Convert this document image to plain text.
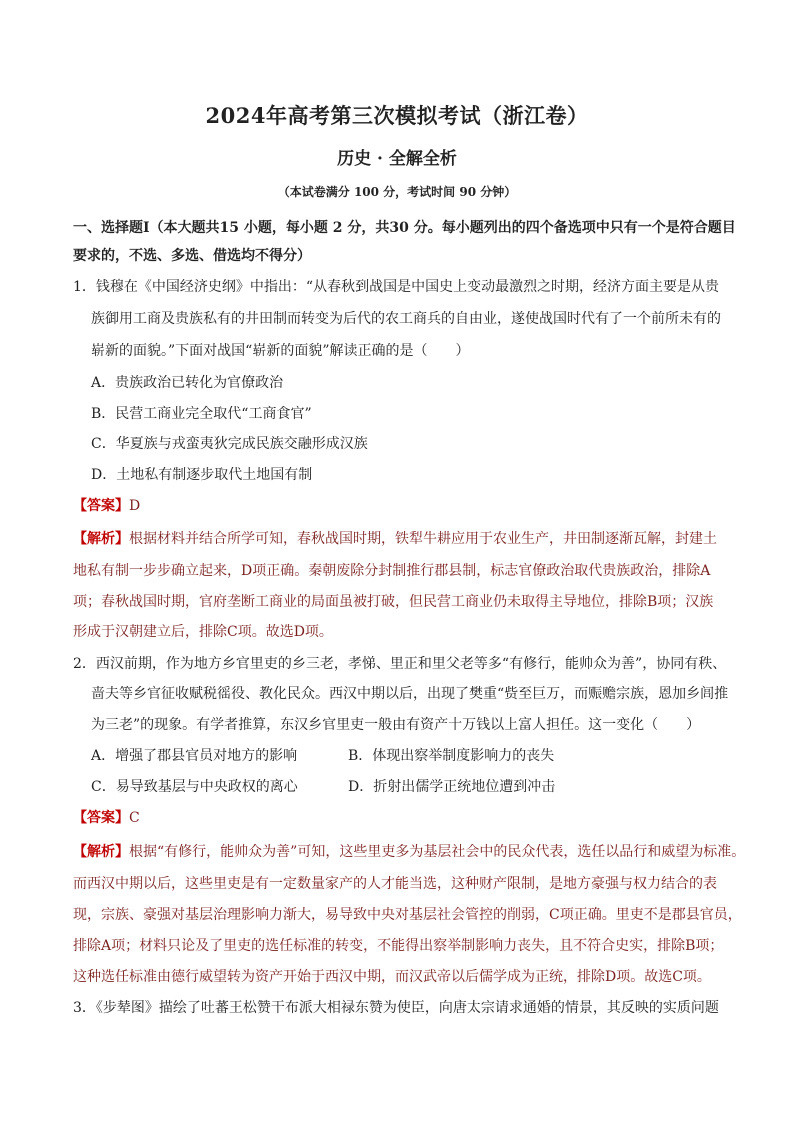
2024年高考第三次模拟考试（浙江卷）
历史 · 全解全析
（本试卷满分 100 分，考试时间 90 分钟）
一、选择题Ⅰ（本大题共15 小题，每小题 2 分，共30 分。每小题列出的四个备选项中只有一个是符合题目
要求的，不选、多选、借选均不得分）
1．钱穆在《中国经济史纲》中指出：“从春秋到战国是中国史上变动最激烈之时期，经济方面主要是从贵
族御用工商及贵族私有的井田制而转变为后代的农工商兵的自由业，遂使战国时代有了一个前所未有的
崭新的面貌。”下面对战国“崭新的面貌”解读正确的是（　　）
A．贵族政治已转化为官僚政治
B．民营工商业完全取代“工商食官”
C．华夏族与戎蛮夷狄完成民族交融形成汉族
D．土地私有制逐步取代土地国有制
【答案】D
【解析】根据材料并结合所学可知，春秋战国时期，铁犁牛耕应用于农业生产，井田制逐渐瓦解，封建土
地私有制一步步确立起来，D项正确。秦朝废除分封制推行郡县制，标志官僚政治取代贵族政治，排除A
项；春秋战国时期，官府垄断工商业的局面虽被打破，但民营工商业仍未取得主导地位，排除B项；汉族
形成于汉朝建立后，排除C项。故选D项。
2．西汉前期，作为地方乡官里吏的乡三老，孝悌、里正和里父老等多“有修行，能帅众为善”，协同有秩、
啬夫等乡官征收赋税徭役、教化民众。西汉中期以后，出现了樊重“赀至巨万，而赈赡宗族，恩加乡闾推
为三老”的现象。有学者推算，东汉乡官里吏一般由有资产十万钱以上富人担任。这一变化（　　）
A．增强了郡县官员对地方的影响	B．体现出察举制度影响力的丧失
C．易导致基层与中央政权的离心	D．折射出儒学正统地位遭到冲击
【答案】C
【解析】根据“有修行，能帅众为善”可知，这些里吏多为基层社会中的民众代表，选任以品行和威望为标准。
而西汉中期以后，这些里吏是有一定数量家产的人才能当选，这种财产限制，是地方豪强与权力结合的表
现，宗族、豪强对基层治理影响力渐大，易导致中央对基层社会管控的削弱，C项正确。里吏不是郡县官员，
排除A项；材料只论及了里吏的选任标准的转变，不能得出察举制影响力丧失，且不符合史实，排除B项；
这种选任标准由德行威望转为资产开始于西汉中期，而汉武帝以后儒学成为正统，排除D项。故选C项。
3．《步辇图》描绘了吐蕃王松赞干布派大相禄东赞为使臣，向唐太宗请求通婚的情景，其反映的实质问题
